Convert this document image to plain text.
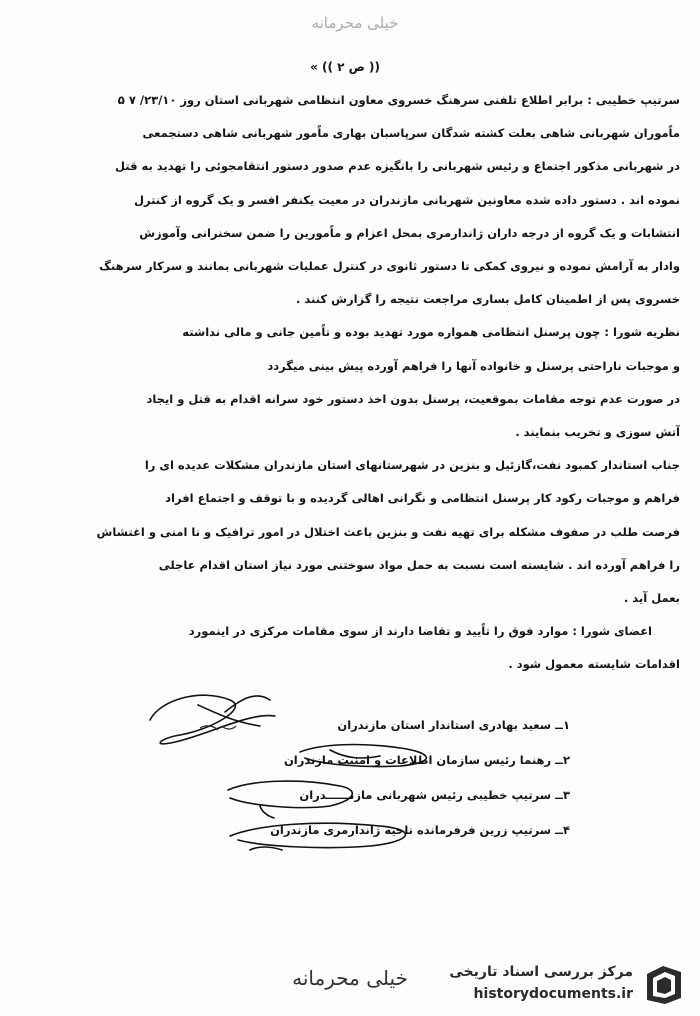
خیلی محرمانه
(( ص ۲ )) »

سرتیپ خطیبی : برابر اطلاع تلفنی سرهنگ خسروی معاون انتظامی شهربانی استان روز ۲۳/۱۰/ ۷ ۵
ماًموران شهربانی شاهی بعلت کشته شدگان سرپاسبان بهاری ماًمور شهربانی شاهی دستجمعی
در شهربانی مذکور اجتماع و رئیس شهربانی را بانگیزه عدم صدور دستور انتقامجوئی را تهدید به قتل
نموده اند . دستور داده شده معاونین شهربانی مازندران در معیت یکنفر افسر و یک گروه از کنترل
انتشابات و یک گروه از درجه داران ژاندارمری بمحل اعزام و ماًمورین را ضمن سخنرانی وآموزش
وادار به آرامش نموده و نیروی کمکی تا دستور ثانوی در کنترل عملیات شهربانی بمانند و سرکار سرهنگ
خسروی پس از اطمینان کامل بساری مراجعت نتیجه را گزارش کنند .

نظریه شورا : چون پرسنل انتظامی همواره مورد تهدید بوده و تاًمین جانی و مالی نداشته
و موجبات ناراحتی پرسنل و خانواده آنها را فراهم آورده پیش بینی میگردد
در صورت عدم توجه مقامات بموقعیت، پرسنل بدون اخذ دستور خود سرانه اقدام به قتل و ایجاد
آتش سوزی و تخریب بنمایند .

جناب استاندار کمبود نفت،گازئیل و بنزین در شهرستانهای استان مازندران مشکلات عدیده ای را
فراهم و موجبات رکود کار پرسنل انتظامی و نگرانی اهالی گردیده و با توقف و اجتماع افراد
فرصت طلب در صفوف مشکله برای تهیه نفت و بنزین باعث اختلال در امور ترافیک و نا امنی و اغتشاش
را فراهم آورده اند . شایسته است نسبت به حمل مواد سوختنی مورد نیاز استان اقدام عاجلی
بعمل آید .

اعضای شورا : موارد فوق را تاًیید و تقاضا دارند از سوی مقامات مرکزی در اینمورد
اقدامات شایسته معمول شود .

۱ــ سعید بهادری استاندار استان مازندران
۲ــ رهنما رئیس سازمان اطلاعات و امنیت مازندران
۳ــ سرتیپ خطیبی رئیس شهربانی مازنــــــدران
۴ــ سرتیپ زرین فرفرمانده ناحیه ژاندارمری مازندران
خیلی محرمانه	مرکز بررسی اسناد تاریخی
historydocuments.ir
